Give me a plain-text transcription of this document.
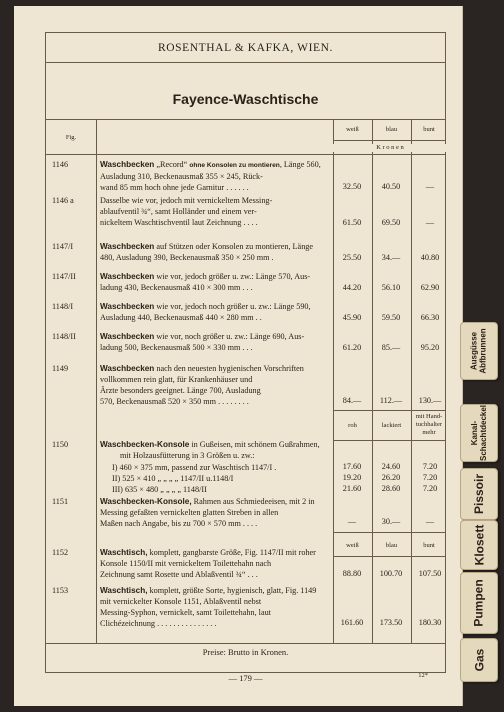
ROSENTHAL & KAFKA, WIEN.
Fayence-Waschtische
Fig.
weiß	blau	bunt
K r o n e n
1146	Waschbecken „Record“ ohne Konsolen zu montieren, Länge 560,
Ausladung 310, Beckenausmaß 355 × 245, Rück-
wand 85 mm hoch ohne jede Garnitur . . . . . .	32.50	40.50	—
1146 a	Dasselbe wie vor, jedoch mit vernickeltem Messing-
ablaufventil ¾“, samt Holländer und einem ver-
nickeltem Waschtischventil laut Zeichnung . . . .	61.50	69.50	—
1147/I	Waschbecken auf Stützen oder Konsolen zu montieren, Länge
480, Ausladung 390, Beckenausmaß 350 × 250 mm .	25.50	34.—	40.80
1147/II	Waschbecken wie vor, jedoch größer u. zw.: Länge 570, Aus-
ladung 430, Beckenausmaß 410 × 300 mm . . .	44.20	56.10	62.90
1148/I	Waschbecken wie vor, jedoch noch größer u. zw.: Länge 590,
Ausladung 440, Beckenausmaß 440 × 280 mm . .	45.90	59.50	66.30
1148/II	Waschbecken wie vor, noch größer u. zw.: Länge 690, Aus-
ladung 500, Beckenausmaß 500 × 330 mm . . .	61.20	85.—	95.20
1149	Waschbecken nach den neuesten hygienischen Vorschriften
vollkommen rein glatt, für Krankenhäuser und
Ärzte besonders geeignet. Länge 700, Ausladung
570, Beckenausmaß 520 × 350 mm . . . . . . . .	84.—	112.—	130.—
roh	lackiert
mit Hand-
tuchhalter
mehr
1150	Waschbecken-Konsole in Gußeisen, mit schönem Gußrahmen,
mit Holzausfütterung in 3 Größen u. zw.:
I) 460 × 375 mm, passend zur Waschtisch 1147/I .	17.60	24.60	7.20
II) 525 × 410 „ „ „ „ 1147/II u.1148/I	19.20	26.20	7.20
III) 635 × 480 „ „ „ „ 1148/II	21.60	28.60	7.20
1151	Waschbecken-Konsole, Rahmen aus Schmiedeeisen, mit 2 in
Messing gefaßten vernickelten glatten Streben in allen
Maßen nach Angabe, bis zu 700 × 570 mm . . . .	—	30.—	—
weiß	blau	bunt
1152	Waschtisch, komplett, gangbarste Größe, Fig. 1147/II mit roher
Konsole 1150/II mit vernickeltem Toilettehahn nach
Zeichnung samt Rosette und Ablaßventil ¾“ . . .	88.80	100.70	107.50
1153	Waschtisch, komplett, größte Sorte, hygienisch, glatt, Fig. 1149
mit vernickelter Konsole 1151, Ablaßventil nebst
Messing-Syphon, vernickelt, samt Toilettehahn, laut
Clichézeichnung . . . . . . . . . . . . . . .	161.60	173.50	180.30
Preise: Brutto in Kronen.
— 179 —	12*
Ausgüsse
Abfbrunnen
Kanal-
Schachtdeckel
Pissoir
Klosett
Pumpen
Gas
